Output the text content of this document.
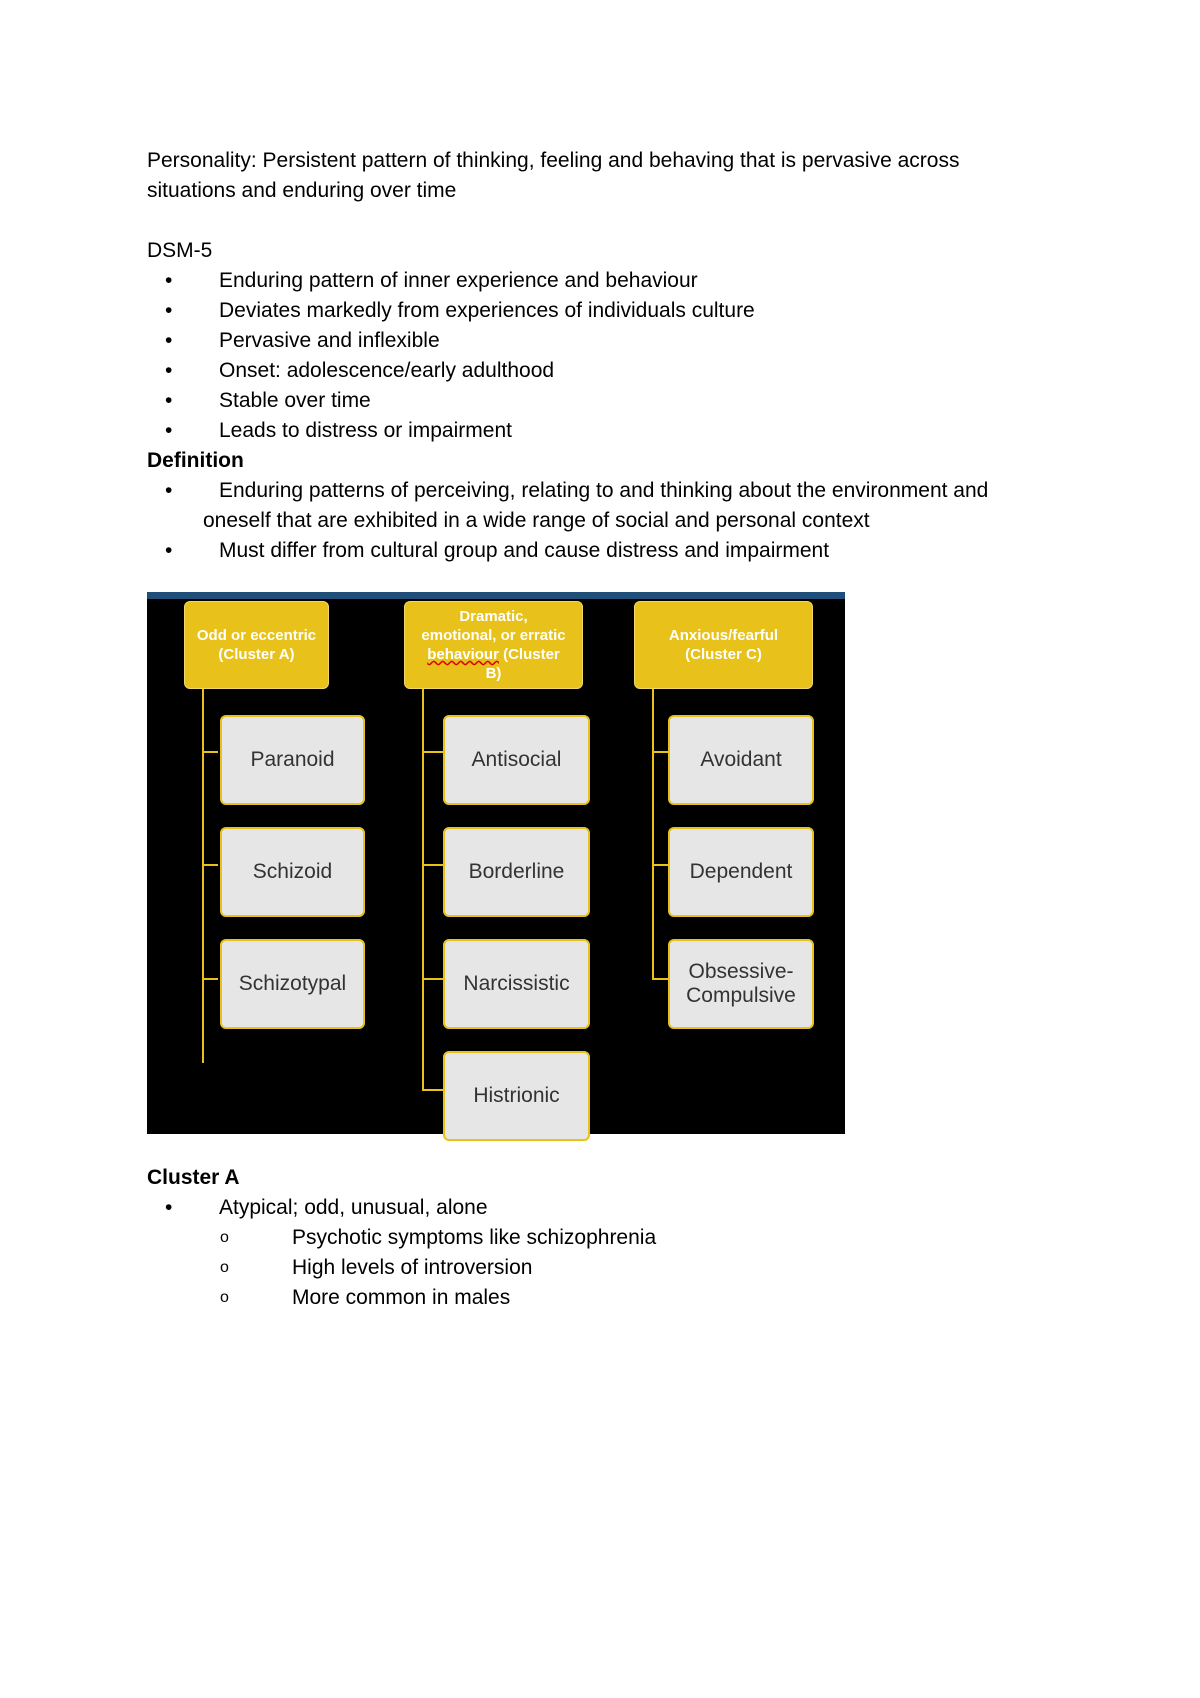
Personality: Persistent pattern of thinking, feeling and behaving that is pervasive across

situations and enduring over time

DSM-5

• Enduring pattern of inner experience and behaviour
• Deviates markedly from experiences of individuals culture
• Pervasive and inflexible
• Onset: adolescence/early adulthood
• Stable over time
• Leads to distress or impairment

Definition

• Enduring patterns of perceiving, relating to and thinking about the environment and
oneself that are exhibited in a wide range of social and personal context
• Must differ from cultural group and cause distress and impairment
Odd or eccentric
(Cluster A)
Paranoid
Schizoid
Schizotypal
Dramatic,
emotional, or erratic
behaviour (Cluster
B)
Antisocial
Borderline
Narcissistic
Histrionic
Anxious/fearful
(Cluster C)
Avoidant
Dependent
Obsessive-
Compulsive

Cluster A

• Atypical; odd, unusual, alone
o	Psychotic symptoms like schizophrenia
o	High levels of introversion
o	More common in males
